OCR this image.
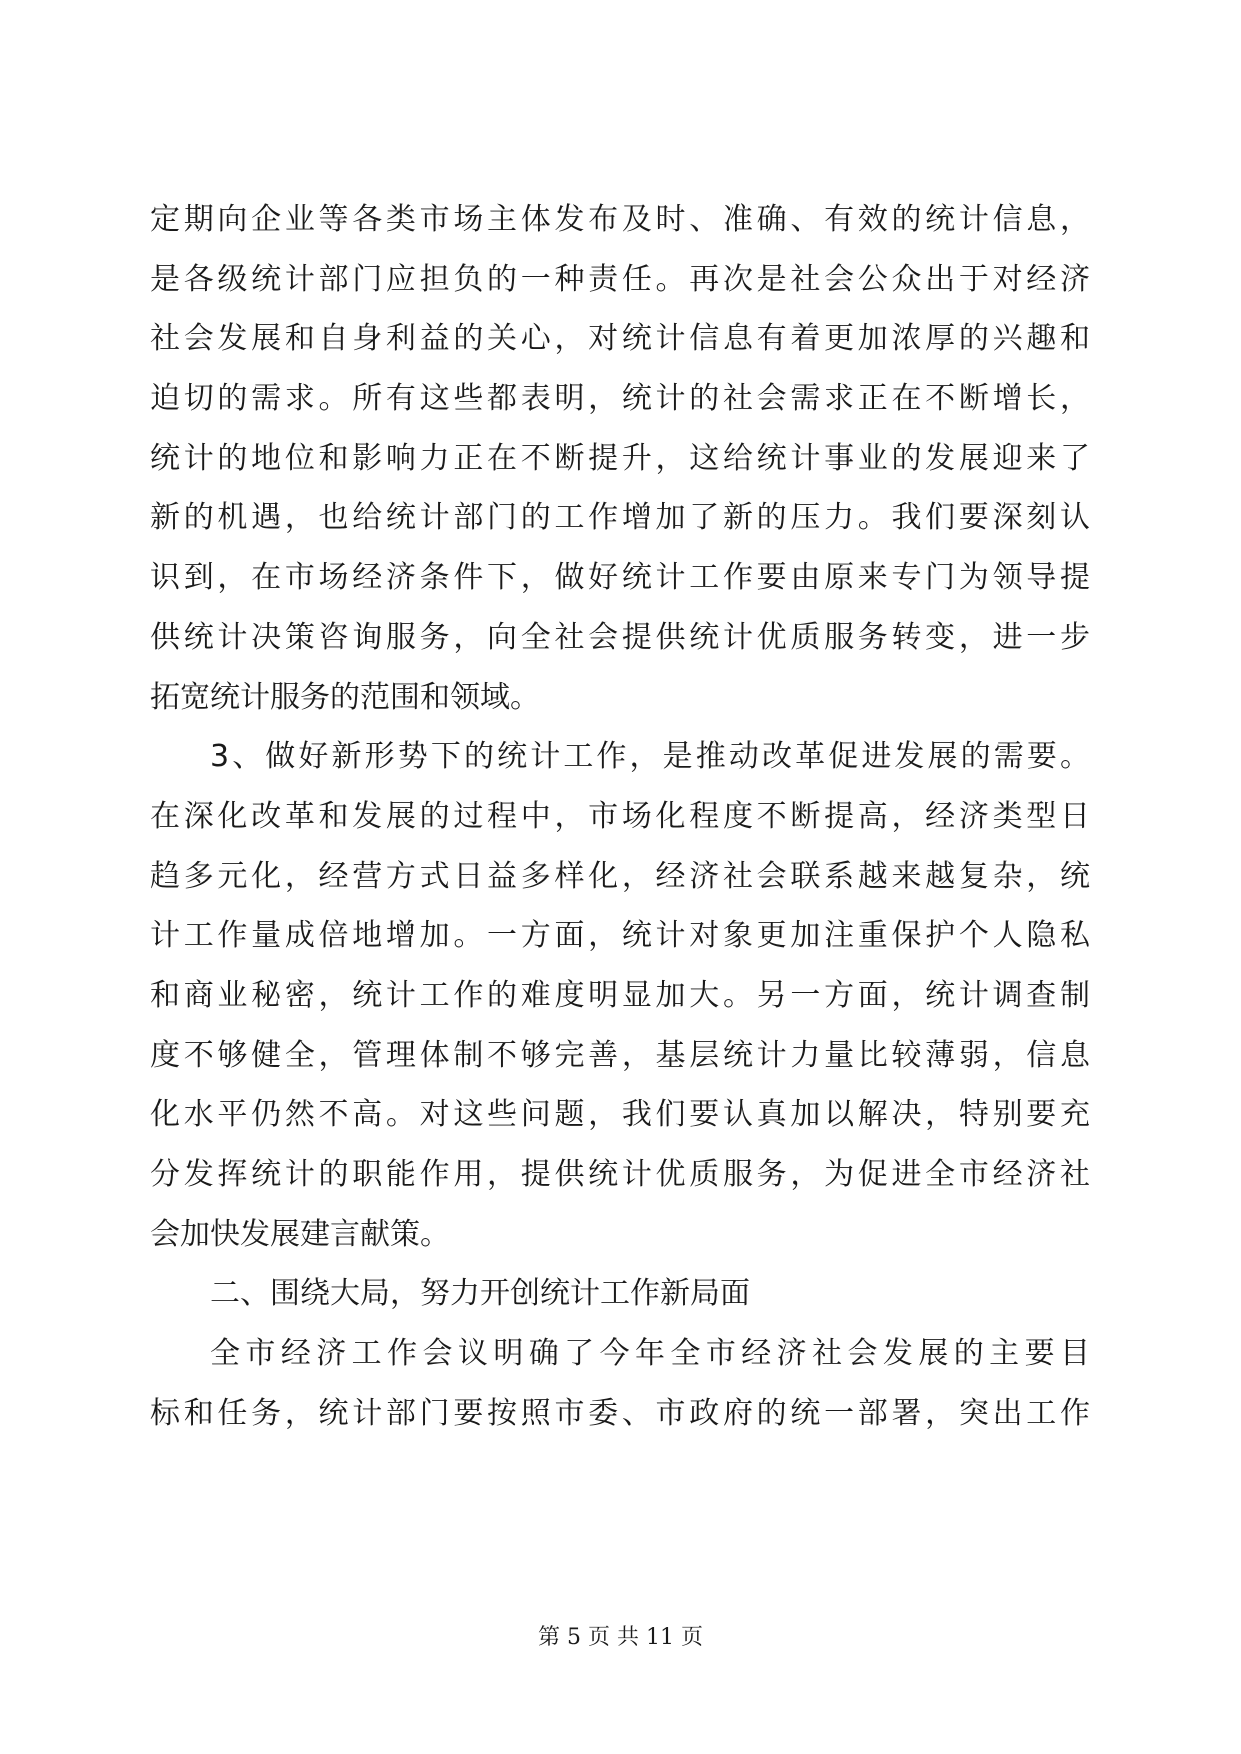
定期向企业等各类市场主体发布及时、准确、有效的统计信息，
是各级统计部门应担负的一种责任。再次是社会公众出于对经济
社会发展和自身利益的关心，对统计信息有着更加浓厚的兴趣和
迫切的需求。所有这些都表明，统计的社会需求正在不断增长，
统计的地位和影响力正在不断提升，这给统计事业的发展迎来了
新的机遇，也给统计部门的工作增加了新的压力。我们要深刻认
识到，在市场经济条件下，做好统计工作要由原来专门为领导提
供统计决策咨询服务，向全社会提供统计优质服务转变，进一步
拓宽统计服务的范围和领域。
3、做好新形势下的统计工作，是推动改革促进发展的需要。
在深化改革和发展的过程中，市场化程度不断提高，经济类型日
趋多元化，经营方式日益多样化，经济社会联系越来越复杂，统
计工作量成倍地增加。一方面，统计对象更加注重保护个人隐私
和商业秘密，统计工作的难度明显加大。另一方面，统计调查制
度不够健全，管理体制不够完善，基层统计力量比较薄弱，信息
化水平仍然不高。对这些问题，我们要认真加以解决，特别要充
分发挥统计的职能作用，提供统计优质服务，为促进全市经济社
会加快发展建言献策。
二、围绕大局，努力开创统计工作新局面
全市经济工作会议明确了今年全市经济社会发展的主要目
标和任务，统计部门要按照市委、市政府的统一部署，突出工作
第 5 页 共 11 页
